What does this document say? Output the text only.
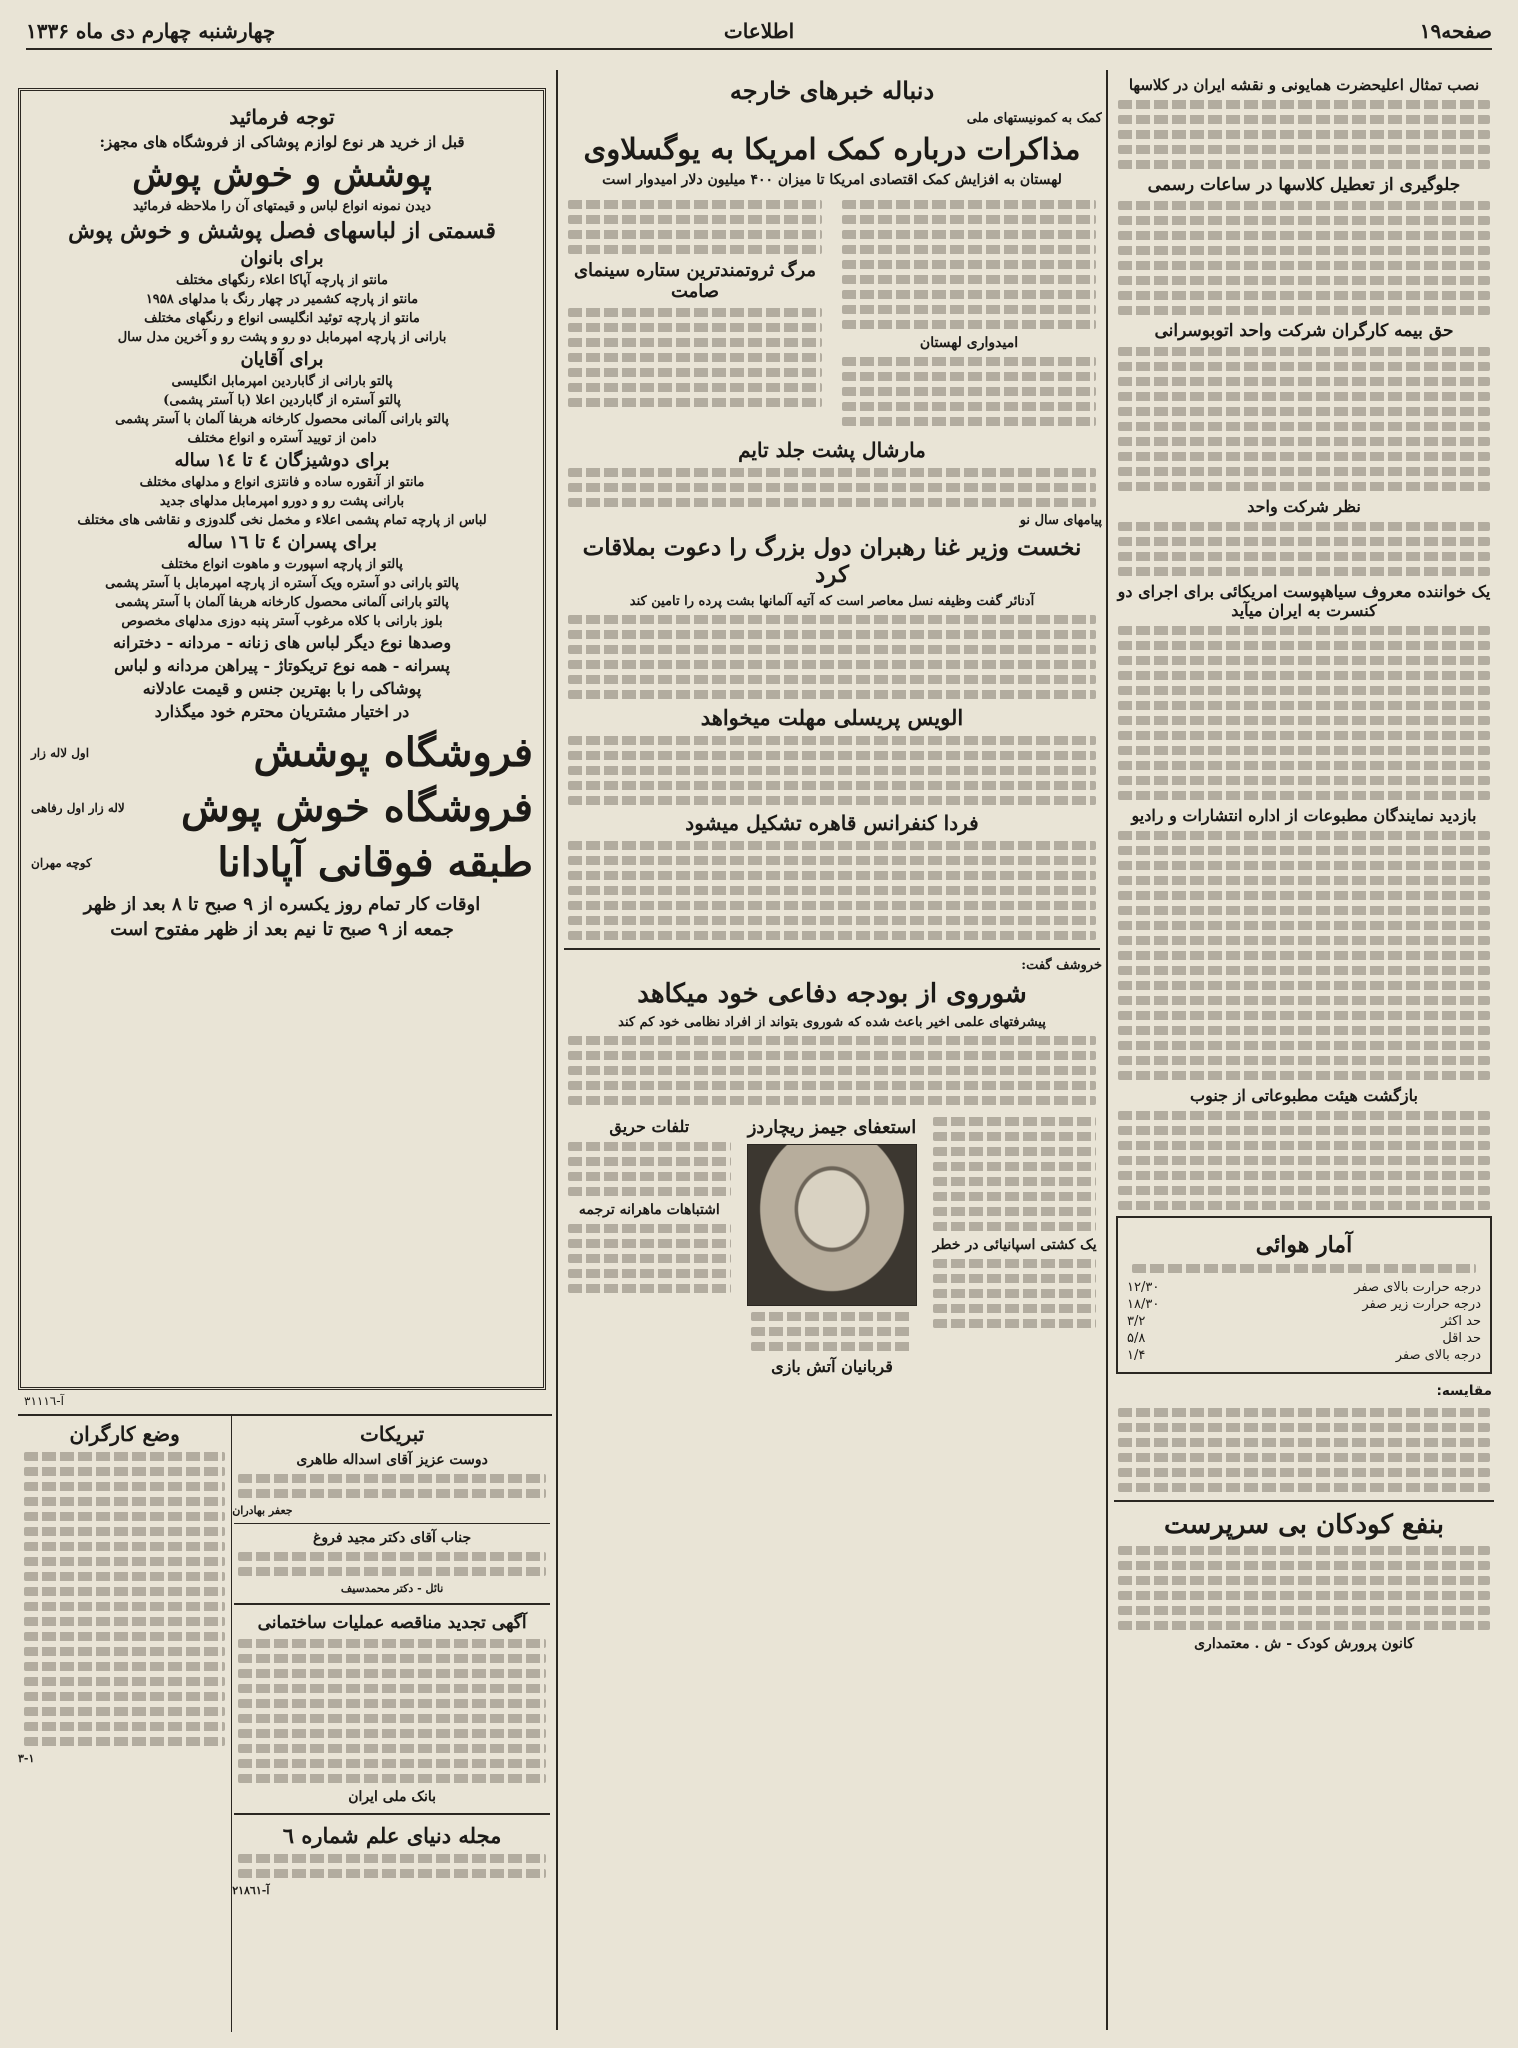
صفحه۱۹
اطلاعات
چهارشنبه چهارم دی ماه ۱۳۳۶
نصب تمثال اعلیحضرت همایونی و نقشه ایران در کلاسها
جلوگیری از تعطیل کلاسها در ساعات رسمی
حق بیمه کارگران شرکت واحد اتوبوسرانی
نظر شرکت واحد
یک خواننده معروف سیاهپوست امریکائی برای اجرای دو کنسرت به ایران میآید
بازدید نمایندگان مطبوعات از اداره انتشارات و رادیو
بازگشت هیئت مطبوعاتی از جنوب
آمار هوائی
درجه حرارت بالای صفر	۱۲/۳۰
درجه حرارت زیر صفر	۱۸/۳۰
حد اکثر	۳/۲
حد اقل	۵/۸
درجه بالای صفر	۱/۴
مقایسه:
بنفع کودکان بی سرپرست
کانون پرورش کودک - ش . معتمداری
دنباله خبرهای خارجه
کمک به کمونیستهای ملی
مذاکرات درباره کمک امریکا به یوگسلاوی
لهستان به افزایش کمک اقتصادی امریکا تا میزان ۴۰۰ میلیون دلار امیدوار است
امیدواری لهستان
مرگ ثروتمندترین ستاره سینمای صامت
مارشال پشت جلد تایم
پیامهای سال نو
نخست وزیر غنا رهبران دول بزرگ را دعوت بملاقات کرد
آدنائر گفت وظیفه نسل معاصر است که آتیه آلمانها بشت پرده را تامین کند
الویس پریسلی مهلت میخواهد
فردا کنفرانس قاهره تشکیل میشود
خروشف گفت:
شوروی از بودجه دفاعی خود میکاهد
پیشرفتهای علمی اخیر باعث شده که شوروی بتواند از افراد نظامی خود کم کند
یک کشتی اسپانیائی در خطر
استعفای جیمز ریچاردز
قربانیان آتش بازی
تلفات حریق
اشتباهات ماهرانه ترجمه
توجه فرمائید
قبل از خرید هر نوع لوازم پوشاکی از فروشگاه های مجهز:
پوشش و خوش پوش
دیدن نمونه انواع لباس و قیمتهای آن را ملاحظه فرمائید
قسمتی از لباسهای فصل پوشش و خوش پوش
برای بانوان
مانتو از پارچه آپاکا اعلاء رنگهای مختلف
مانتو از پارچه کشمیر در چهار رنگ با مدلهای ۱۹۵۸
مانتو از پارچه توئید انگلیسی انواع و رنگهای مختلف
بارانی از پارچه امپرمابل دو رو و پشت رو و آخرین مدل سال
برای آقایان
پالتو بارانی از گاباردین امپرمابل انگلیسی
پالتو آستره از گاباردین اعلا (با آستر پشمی)
پالتو بارانی آلمانی محصول کارخانه هربفا آلمان با آستر پشمی
دامن از تویید آستره و انواع مختلف
برای دوشیزگان ٤ تا ١٤ ساله
مانتو از آنقوره ساده و فانتزی انواع و مدلهای مختلف
بارانی پشت رو و دورو امپرمابل مدلهای جدید
لباس از پارچه تمام پشمی اعلاء و مخمل نخی گلدوزی و نقاشی های مختلف
برای پسران ٤ تا ١٦ ساله
پالتو از پارچه اسپورت و ماهوت انواع مختلف
پالتو بارانی دو آستره ویک آستره از پارچه امپرمابل با آستر پشمی
پالتو بارانی آلمانی محصول کارخانه هربفا آلمان با آستر پشمی
بلوز بارانی با کلاه مرغوب آستر پنبه دوزی مدلهای مخصوص
وصدها نوع دیگر لباس های زنانه - مردانه - دخترانه
پسرانه - همه نوع تریکوتاژ - پیراهن مردانه و لباس
پوشاکی را با بهترین جنس و قیمت عادلانه
در اختیار مشتریان محترم خود میگذارد
فروشگاه پوشش
اول لاله زار
فروشگاه خوش پوش
لاله زار اول رفاهی
طبقه فوقانی آپادانا
کوچه مهران
اوقات کار تمام روز یکسره از ۹ صبح تا ۸ بعد از ظهر
جمعه از ۹ صبح تا نیم بعد از ظهر مفتوح است
آ-۳۱۱۱٦
تبریکات
دوست عزیز آقای اسداله طاهری
جعفر بهادران
جناب آقای دکتر مجید فروغ
نائل - دکتر محمدسیف
آگهی تجدید مناقصه عملیات ساختمانی
بانک ملی ایران
مجله دنیای علم شماره ٦
آ-۲۱۸٦۱
وضع کارگران
۳-۱
